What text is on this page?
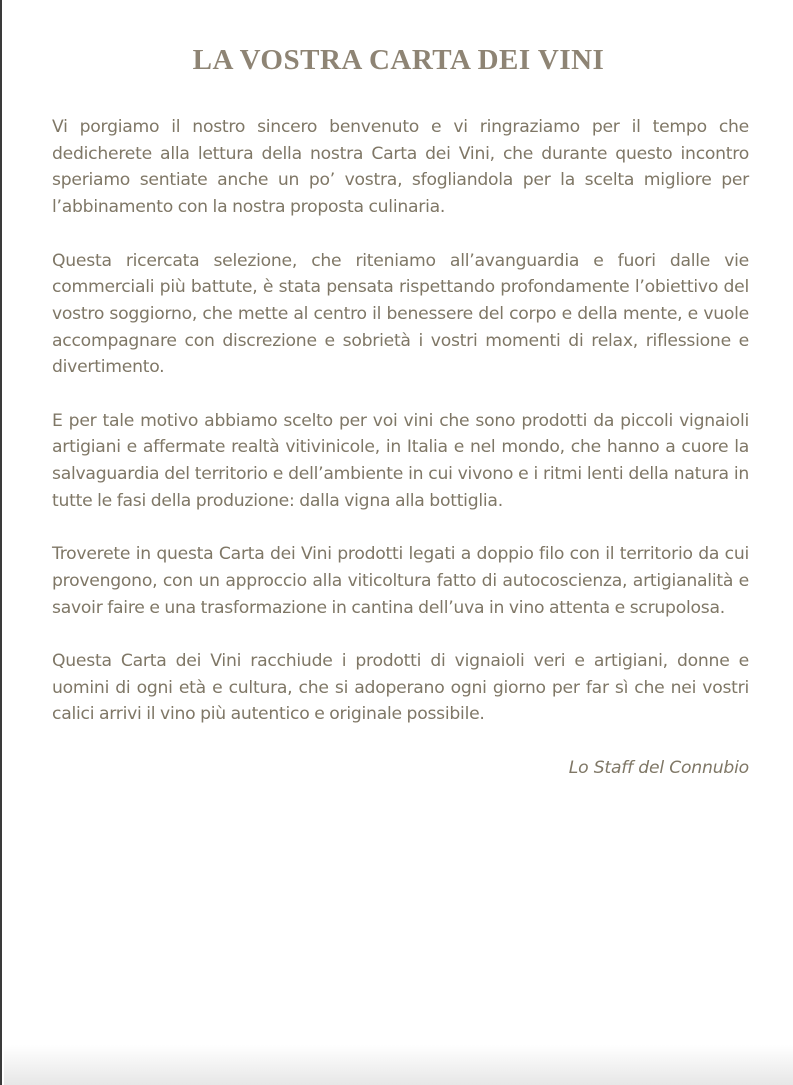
LA VOSTRA CARTA DEI VINI

Vi porgiamo il nostro sincero benvenuto e vi ringraziamo per il tempo che dedicherete alla lettura della nostra Carta dei Vini, che durante questo incontro speriamo sentiate anche un po’ vostra, sfogliandola per la scelta migliore per l’abbinamento con la nostra proposta culinaria.

Questa ricercata selezione, che riteniamo all’avanguardia e fuori dalle vie commerciali più battute, è stata pensata rispettando profondamente l’obiettivo del vostro soggiorno, che mette al centro il benessere del corpo e della mente, e vuole accompagnare con discrezione e sobrietà i vostri momenti di relax, riflessione e divertimento.

E per tale motivo abbiamo scelto per voi vini che sono prodotti da piccoli vignaioli artigiani e affermate realtà vitivinicole, in Italia e nel mondo, che hanno a cuore la salvaguardia del territorio e dell’ambiente in cui vivono e i ritmi lenti della natura in tutte le fasi della produzione: dalla vigna alla bottiglia.

Troverete in questa Carta dei Vini prodotti legati a doppio filo con il territorio da cui provengono, con un approccio alla viticoltura fatto di autocoscienza, artigianalità e savoir faire e una trasformazione in cantina dell’uva in vino attenta e scrupolosa.

Questa Carta dei Vini racchiude i prodotti di vignaioli veri e artigiani, donne e uomini di ogni età e cultura, che si adoperano ogni giorno per far sì che nei vostri calici arrivi il vino più autentico e originale possibile.

Lo Staff del Connubio
